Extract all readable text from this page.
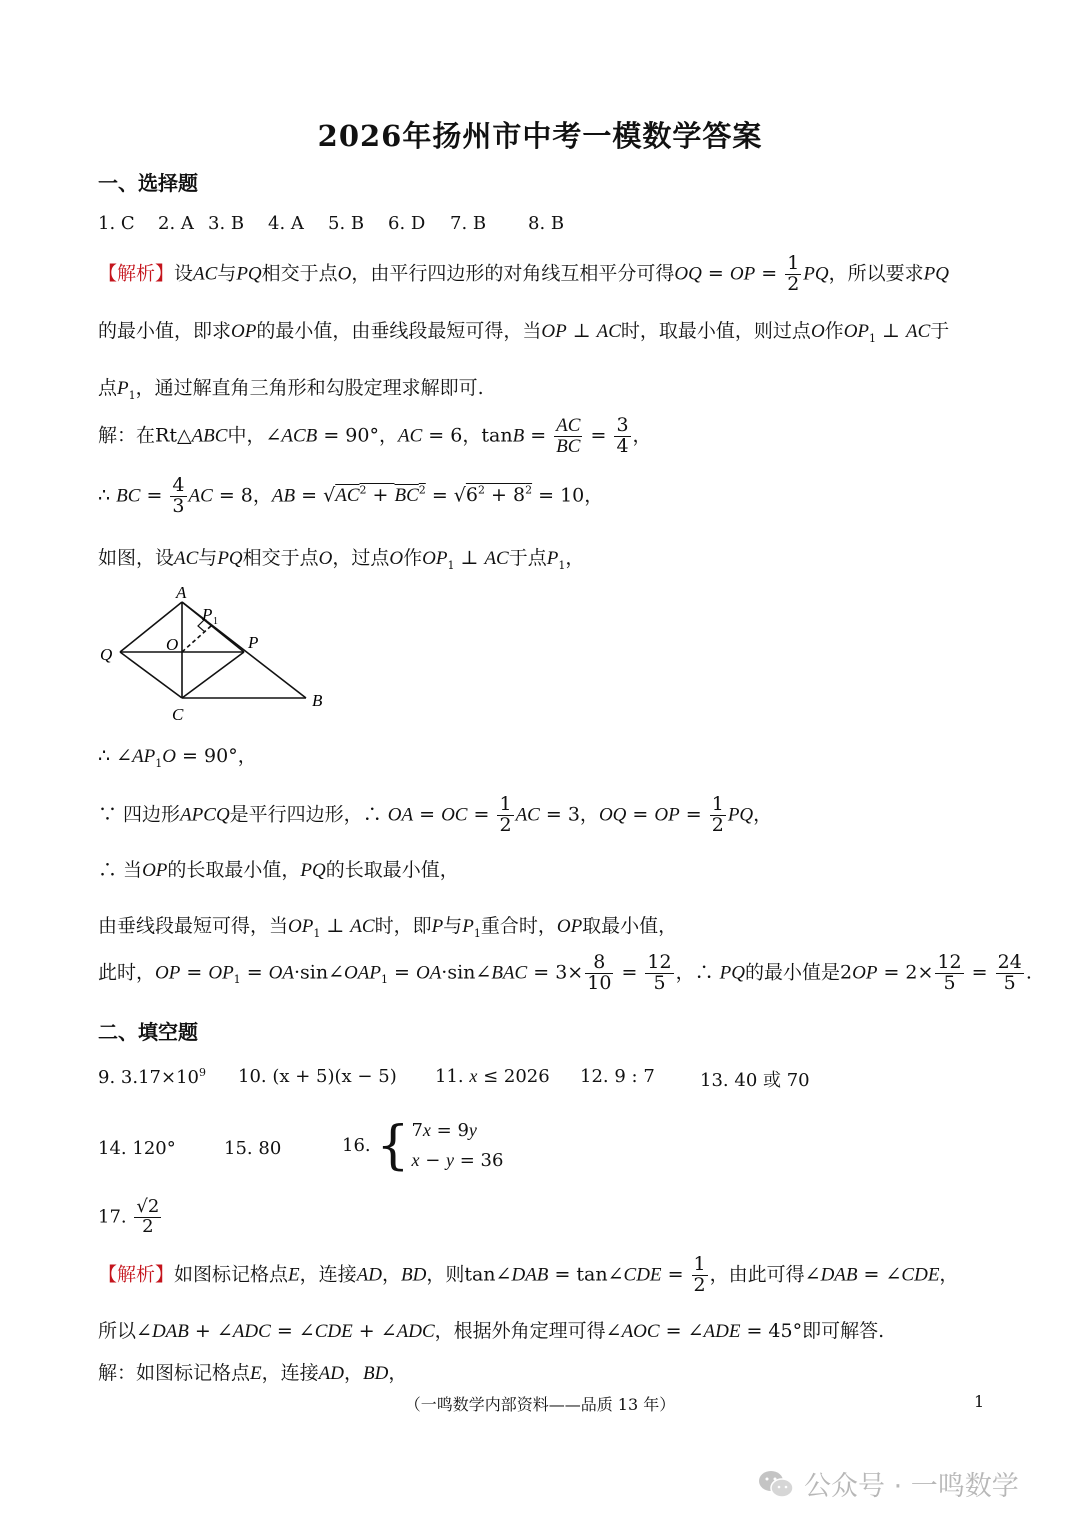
2026年扬州市中考一模数学答案
一、选择题
1. C 2. A 3. B 4. A 5. B 6. D 7. B 8. B
【解析】设AC与PQ相交于点O，由平行四边形的对角线互相平分可得OQ = OP = $\frac{1}{2}$ PQ，所以要求PQ
的最小值，即求OP的最小值，由垂线段最短可得，当OP ⊥ AC时，取最小值，则过点O作$OP_1$ ⊥ AC于
点$P_1$，通过解直角三角形和勾股定理求解即可.
解：在Rt△ABC中，∠ACB = 90°，AC = 6，$\tan B = \frac{AC}{BC} = \frac{3}{4}$ ，
∴ BC = $\frac{4}{3}$ AC = 8，AB = $√AC^2 + BC^2 = √6^2 + 8^2 = 10$，
如图，设AC与PQ相交于点O，过点O作$OP_1$ ⊥ AC于点$P_1$，
A
P 1
P
Q
O
B
C
∴ $\angle AP_1O = 90^\circ$，
∵ 四边形APCQ是平行四边形，∴ OA = OC = $\frac{1}{2}$ AC = 3，OQ = OP = $\frac{1}{2}$ PQ，
∴ 当OP的长取最小值，PQ的长取最小值，
由垂线段最短可得，当$OP_1$ ⊥ AC时，即P与$P_1$重合时，OP取最小值，
此时，OP = $OP_1$ = $OA\cdot\sin\angle OAP_1$ = OA·sin∠BAC = $3\times \frac{8}{10} = \frac{12}{5}$ ，∴ PQ的最小值是$2OP = 2\times \frac{12}{5} = \frac{24}{5}$ .
二、填空题
9. $3.17\times 10^9$ 10. (x + 5)(x − 5) 11. x ≤ 2026 12. 9 : 7	13. 40 或 70
14. 120°	15. 80	16. { 7x = 9y
x − y = 36
17. $\frac{√2}{2}$
【解析】如图标记格点E，连接AD，BD，则tan∠DAB = tan∠CDE = $\frac{1}{2}$ ，由此可得∠DAB = ∠CDE，
所以∠DAB + ∠ADC = ∠CDE + ∠ADC，根据外角定理可得∠AOC = ∠ADE = 45°即可解答.
解：如图标记格点E，连接AD，BD，
（一鸣数学内部资料——品质 13 年）	1
公众号 · 一鸣数学
